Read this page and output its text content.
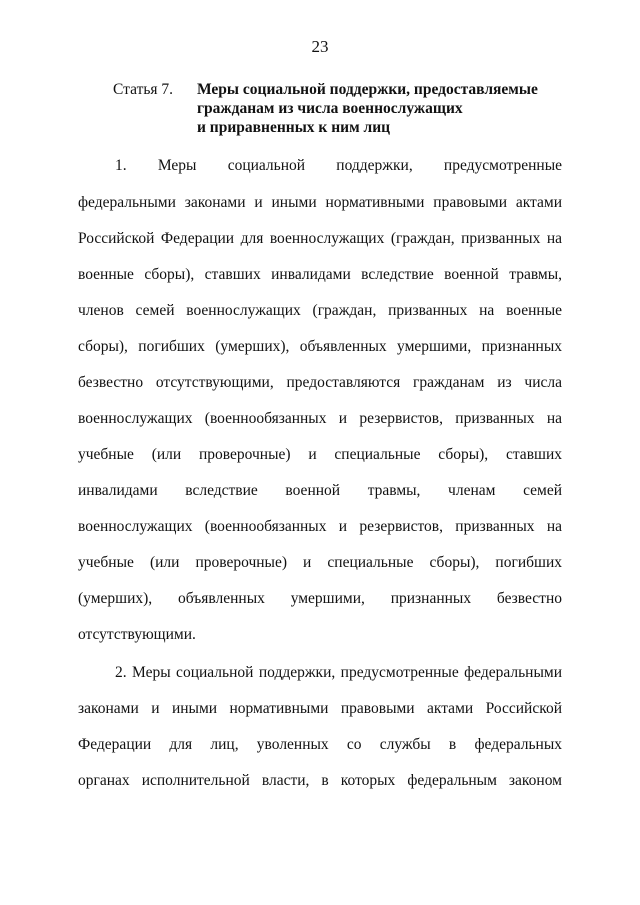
23
Статья 7.	Меры социальной поддержки, предоставляемые
гражданам из числа военнослужащих
и приравненных к ним лиц
1. Меры социальной поддержки, предусмотренные
федеральными законами и иными нормативными правовыми актами
Российской Федерации для военнослужащих (граждан, призванных на
военные сборы), ставших инвалидами вследствие военной травмы,
членов семей военнослужащих (граждан, призванных на военные
сборы), погибших (умерших), объявленных умершими, признанных
безвестно отсутствующими, предоставляются гражданам из числа
военнослужащих (военнообязанных и резервистов, призванных на
учебные (или проверочные) и специальные сборы), ставших
инвалидами вследствие военной травмы, членам семей
военнослужащих (военнообязанных и резервистов, призванных на
учебные (или проверочные) и специальные сборы), погибших
(умерших), объявленных умершими, признанных безвестно
отсутствующими.
2. Меры социальной поддержки, предусмотренные федеральными
законами и иными нормативными правовыми актами Российской
Федерации для лиц, уволенных со службы в федеральных
органах исполнительной власти, в которых федеральным законом
